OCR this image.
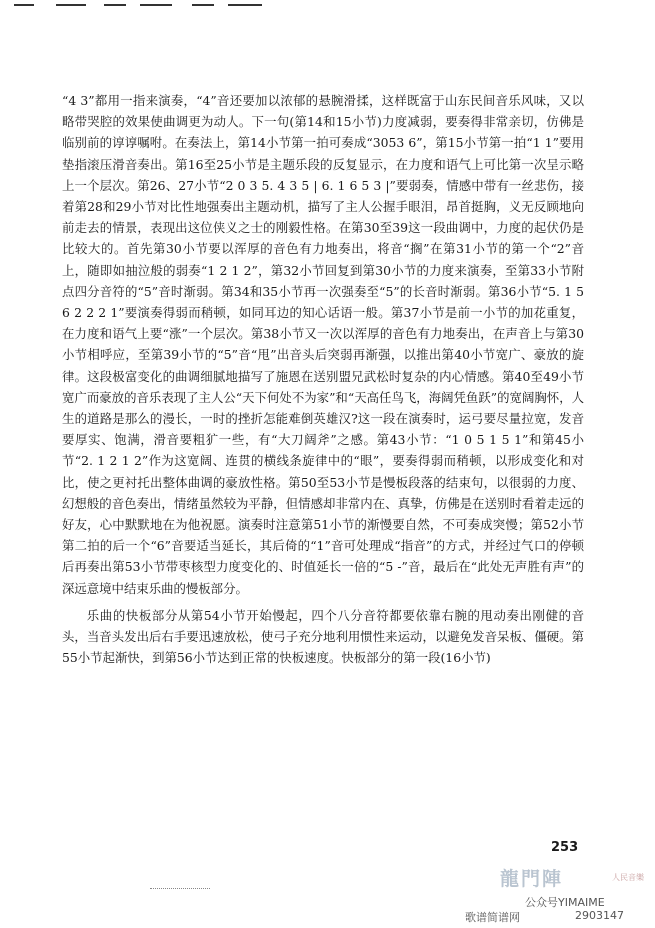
“4 3”都用一指来演奏，“4”音还要加以浓郁的悬腕滑揉，这样既富于山东民间音乐风味，又以略带哭腔的效果使曲调更为动人。下一句(第14和15小节)力度减弱，要奏得非常亲切，仿佛是临别前的谆谆嘱咐。在奏法上，第14小节第一拍可奏成“3053 6”，第15小节第一拍“1 1”要用垫指滚压滑音奏出。第16至25小节是主题乐段的反复显示，在力度和语气上可比第一次呈示略上一个层次。第26、27小节“2 0 3 5. 4 3 5 | 6. 1 6 5 3 |”要弱奏，情感中带有一丝悲伤，接着第28和29小节对比性地强奏出主题动机，描写了主人公握手眼泪，昂首挺胸，义无反顾地向前走去的情景，表现出这位侠义之士的刚毅性格。在第30至39这一段曲调中，力度的起伏仍是比较大的。首先第30小节要以浑厚的音色有力地奏出，将音“搁”在第31小节的第一个“2”音上，随即如抽泣般的弱奏“1 2 1 2”，第32小节回复到第30小节的力度来演奏，至第33小节附点四分音符的“5”音时渐弱。第34和35小节再一次强奏至“5”的长音时渐弱。第36小节“5. 1 5 6 2 2 2 1”要演奏得弱而稍顿，如同耳边的知心话语一般。第37小节是前一小节的加花重复，在力度和语气上要“涨”一个层次。第38小节又一次以浑厚的音色有力地奏出，在声音上与第30小节相呼应，至第39小节的“5”音“甩”出音头后突弱再渐强，以推出第40小节宽广、豪放的旋律。这段极富变化的曲调细腻地描写了施恩在送别盟兄武松时复杂的内心情感。第40至49小节宽广而豪放的音乐表现了主人公“天下何处不为家”和“天高任鸟飞，海阔凭鱼跃”的宽阔胸怀，人生的道路是那么的漫长，一时的挫折怎能难倒英雄汉?这一段在演奏时，运弓要尽量拉宽，发音要厚实、饱满，滑音要粗犷一些，有“大刀阔斧”之感。第43小节：“1 0 5 1 5 1”和第45小节“2. 1 2 1 2”作为这宽阔、连贯的横线条旋律中的“眼”，要奏得弱而稍顿，以形成变化和对比，使之更衬托出整体曲调的豪放性格。第50至53小节是慢板段落的结束句，以很弱的力度、幻想般的音色奏出，情绪虽然较为平静，但情感却非常内在、真挚，仿佛是在送别时看着走远的好友，心中默默地在为他祝愿。演奏时注意第51小节的渐慢要自然，不可奏成突慢；第52小节第二拍的后一个“6”音要适当延长，其后倚的“1”音可处理成“指音”的方式，并经过气口的停顿后再奏出第53小节带枣核型力度变化的、时值延长一倍的“5 -”音，最后在“此处无声胜有声”的深远意境中结束乐曲的慢板部分。

乐曲的快板部分从第54小节开始慢起，四个八分音符都要依靠右腕的甩动奏出刚健的音头，当音头发出后右手要迅速放松，使弓子充分地利用惯性来运动，以避免发音呆板、僵硬。第55小节起渐快，到第56小节达到正常的快板速度。快板部分的第一段(16小节)

253
龍門陣	人民音樂
公众号YIMAIME
歌谱简谱网	2903147
